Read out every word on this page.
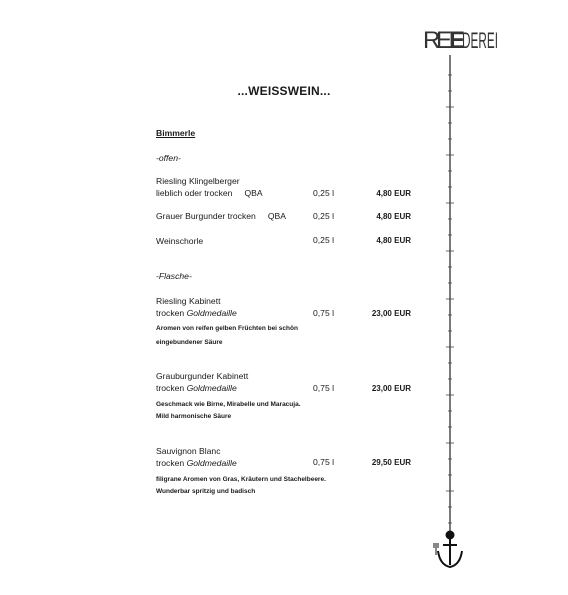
R
E
E
DEREI
...WEISSWEIN...
Bimmerle
-offen-
Riesling Klingelberger
lieblich oder trocken QBA	0,25 l	4,80 EUR
Grauer Burgunder trocken QBA	0,25 l	4,80 EUR
Weinschorle	0,25 l	4,80 EUR
-Flasche-
Riesling Kabinett
trocken Goldmedaille	0,75 l	23,00 EUR
Aromen von reifen gelben Früchten bei schön
eingebundener Säure
Grauburgunder Kabinett
trocken Goldmedaille	0,75 l	23,00 EUR
Geschmack wie Birne, Mirabelle und Maracuja.
Mild harmonische Säure
Sauvignon Blanc
trocken Goldmedaille	0,75 l	29,50 EUR
filigrane Aromen von Gras, Kräutern und Stachelbeere.
Wunderbar spritzig und badisch
